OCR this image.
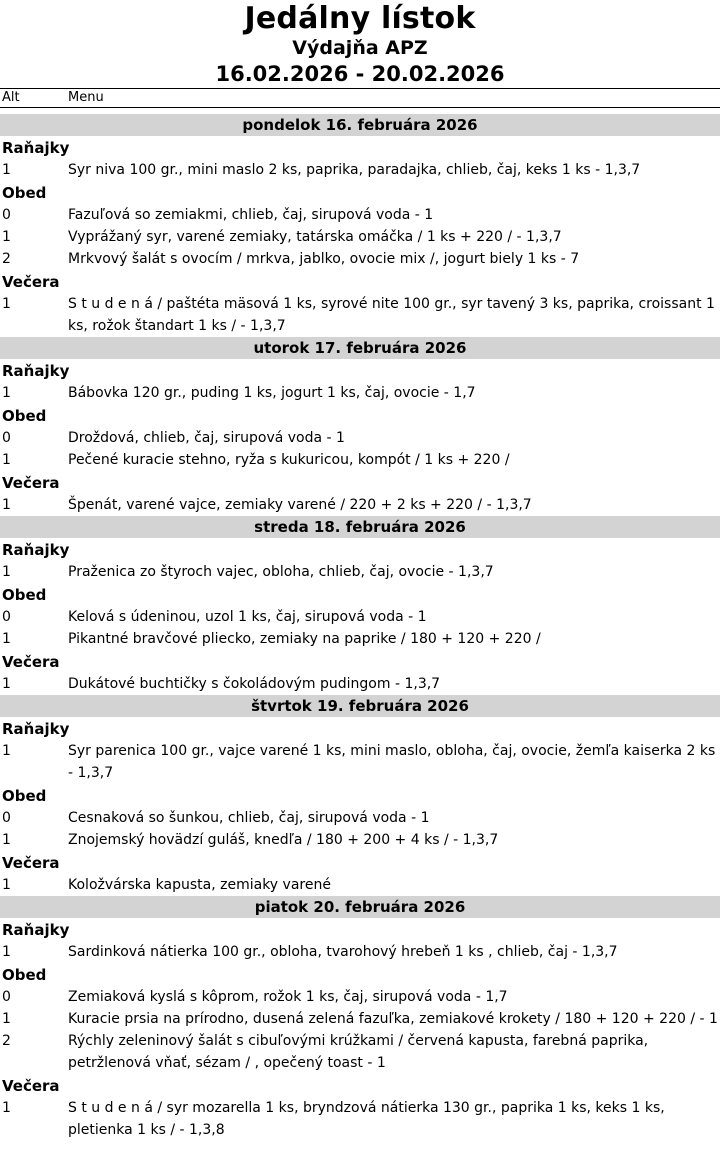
Jedálny lístok
Výdajňa APZ
16.02.2026 - 20.02.2026
Alt	Menu
pondelok 16. februára 2026
Raňajky
1	Syr niva 100 gr., mini maslo 2 ks, paprika, paradajka, chlieb, čaj, keks 1 ks - 1,3,7
Obed
0	Fazuľová so zemiakmi, chlieb, čaj, sirupová voda - 1
1	Vyprážaný syr, varené zemiaky, tatárska omáčka / 1 ks + 220 / - 1,3,7
2	Mrkvový šalát s ovocím / mrkva, jablko, ovocie mix /, jogurt biely 1 ks - 7
Večera
1	S t u d e n á / paštéta mäsová 1 ks, syrové nite 100 gr., syr tavený 3 ks, paprika, croissant 1 ks, rožok štandart 1 ks / - 1,3,7
utorok 17. februára 2026
Raňajky
1	Bábovka 120 gr., puding 1 ks, jogurt 1 ks, čaj, ovocie - 1,7
Obed
0	Droždová, chlieb, čaj, sirupová voda - 1
1	Pečené kuracie stehno, ryža s kukuricou, kompót / 1 ks + 220 /
Večera
1	Špenát, varené vajce, zemiaky varené / 220 + 2 ks + 220 / - 1,3,7
streda 18. februára 2026
Raňajky
1	Praženica zo štyroch vajec, obloha, chlieb, čaj, ovocie - 1,3,7
Obed
0	Kelová s údeninou, uzol 1 ks, čaj, sirupová voda - 1
1	Pikantné bravčové pliecko, zemiaky na paprike / 180 + 120 + 220 /
Večera
1	Dukátové buchtičky s čokoládovým pudingom - 1,3,7
štvrtok 19. februára 2026
Raňajky
1	Syr parenica 100 gr., vajce varené 1 ks, mini maslo, obloha, čaj, ovocie, žemľa kaiserka 2 ks - 1,3,7
Obed
0	Cesnaková so šunkou, chlieb, čaj, sirupová voda - 1
1	Znojemský hovädzí guláš, knedľa / 180 + 200 + 4 ks / - 1,3,7
Večera
1	Koložvárska kapusta, zemiaky varené
piatok 20. februára 2026
Raňajky
1	Sardinková nátierka 100 gr., obloha, tvarohový hrebeň 1 ks , chlieb, čaj - 1,3,7
Obed
0	Zemiaková kyslá s kôprom, rožok 1 ks, čaj, sirupová voda - 1,7
1	Kuracie prsia na prírodno, dusená zelená fazuľka, zemiakové krokety / 180 + 120 + 220 / - 1
2	Rýchly zeleninový šalát s cibuľovými krúžkami / červená kapusta, farebná paprika, petržlenová vňať, sézam / , opečený toast - 1
Večera
1	S t u d e n á / syr mozarella 1 ks, bryndzová nátierka 130 gr., paprika 1 ks, keks 1 ks, pletienka 1 ks / - 1,3,8
